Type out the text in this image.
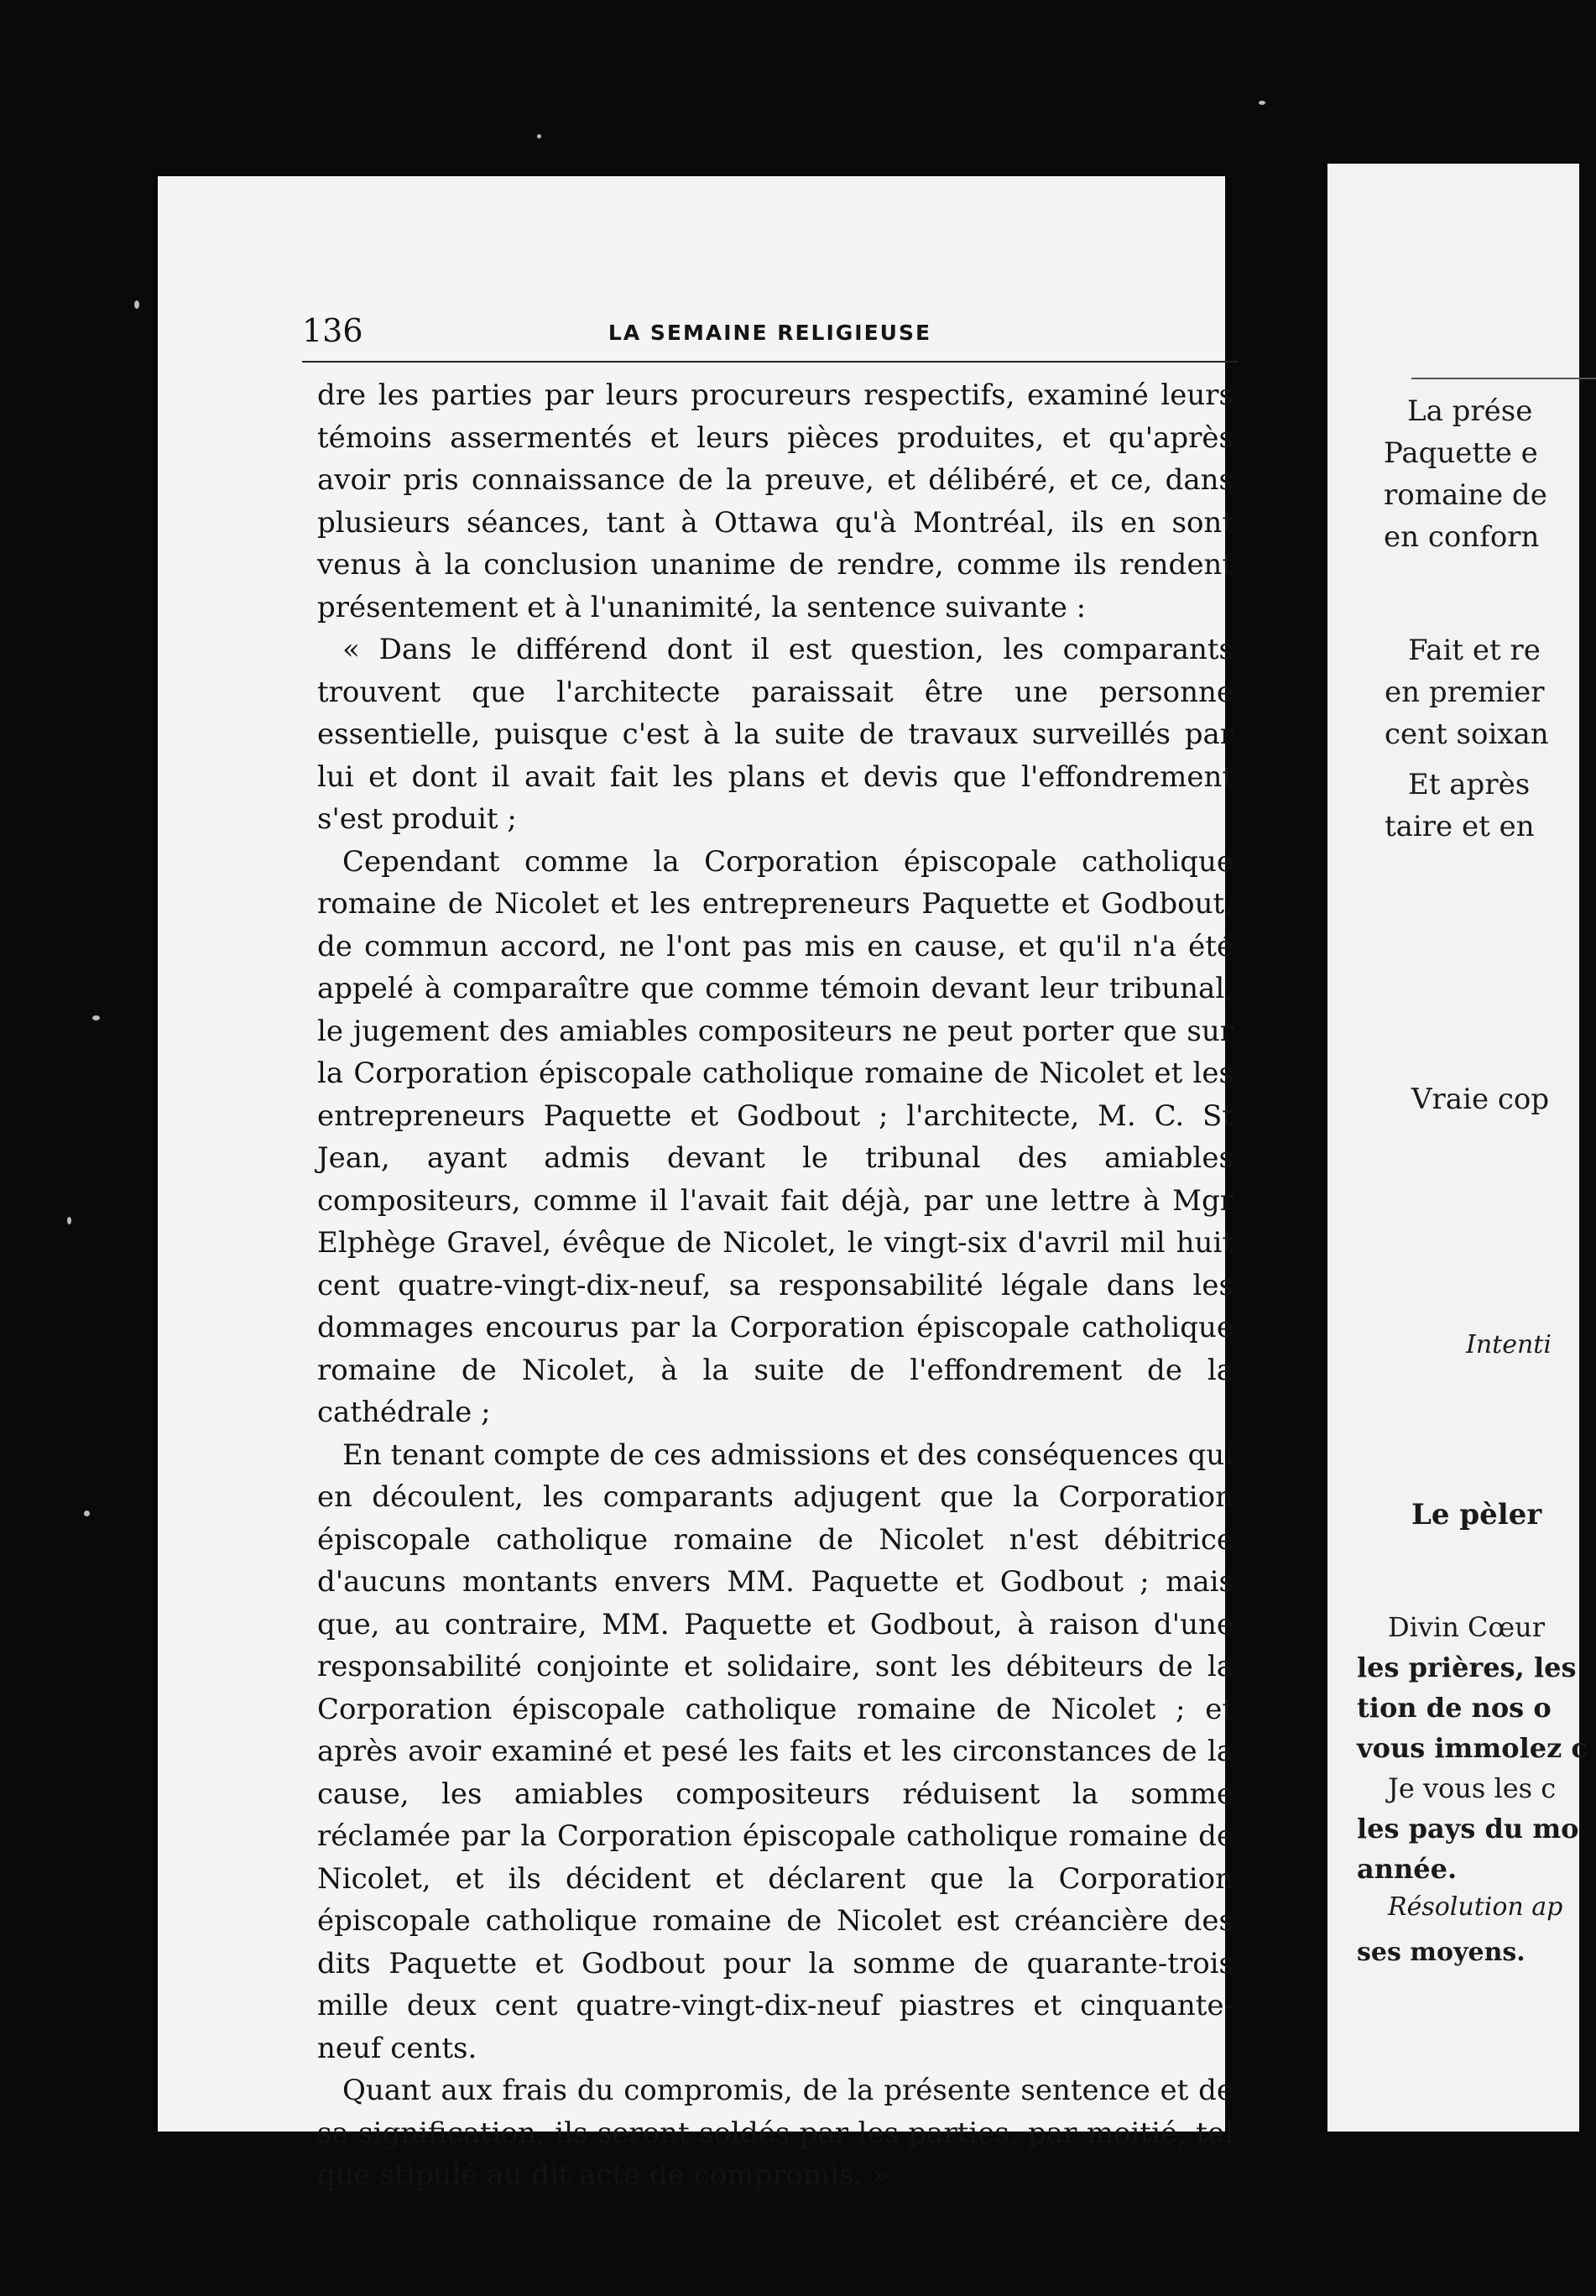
136	LA SEMAINE RELIGIEUSE

dre les parties par leurs procureurs respectifs, examiné leurs témoins assermentés et leurs pièces produites, et qu'après avoir pris connaissance de la preuve, et délibéré, et ce, dans plusieurs séances, tant à Ottawa qu'à Montréal, ils en sont venus à la conclusion unanime de rendre, comme ils rendent présentement et à l'unanimité, la sentence suivante :

« Dans le différend dont il est question, les comparants trouvent que l'architecte paraissait être une personne essentielle, puisque c'est à la suite de travaux surveillés par lui et dont il avait fait les plans et devis que l'effondrement s'est produit ;

Cependant comme la Corporation épiscopale catholique romaine de Nicolet et les entrepreneurs Paquette et Godbout, de commun accord, ne l'ont pas mis en cause, et qu'il n'a été appelé à comparaître que comme témoin devant leur tribunal, le jugement des amiables compositeurs ne peut porter que sur la Corporation épiscopale catholique romaine de Nicolet et les entrepreneurs Paquette et Godbout ; l'architecte, M. C. St Jean, ayant admis devant le tribunal des amiables compositeurs, comme il l'avait fait déjà, par une lettre à Mgr Elphège Gravel, évêque de Nicolet, le vingt-six d'avril mil huit cent quatre-vingt-dix-neuf, sa responsabilité légale dans les dommages encourus par la Corporation épiscopale catholique romaine de Nicolet, à la suite de l'effondrement de la cathédrale ;

En tenant compte de ces admissions et des conséquences qui en découlent, les comparants adjugent que la Corporation épiscopale catholique romaine de Nicolet n'est débitrice d'aucuns montants envers MM. Paquette et Godbout ; mais que, au contraire, MM. Paquette et Godbout, à raison d'une responsabilité conjointe et solidaire, sont les débiteurs de la Corporation épiscopale catholique romaine de Nicolet ; et après avoir examiné et pesé les faits et les circonstances de la cause, les amiables compositeurs réduisent la somme réclamée par la Corporation épiscopale catholique romaine de Nicolet, et ils décident et déclarent que la Corporation épiscopale catholique romaine de Nicolet est créancière des dits Paquette et Godbout pour la somme de quarante-trois mille deux cent quatre-vingt-dix-neuf piastres et cinquante-neuf cents.

Quant aux frais du compromis, de la présente sentence et de sa signification, ils seront soldés par les parties, par moitié, tel que stipulé au dit acte de compromis. »

La prése
Paquette e
romaine de
en conforn
Fait et re
en premier
cent soixan
Et après
taire et en
Vraie cop
Intenti
Le pèler
Divin Cœur
les prières, les
tion de nos o
vous immolez c
Je vous les c
les pays du mo
année.
Résolution ap
ses moyens.
